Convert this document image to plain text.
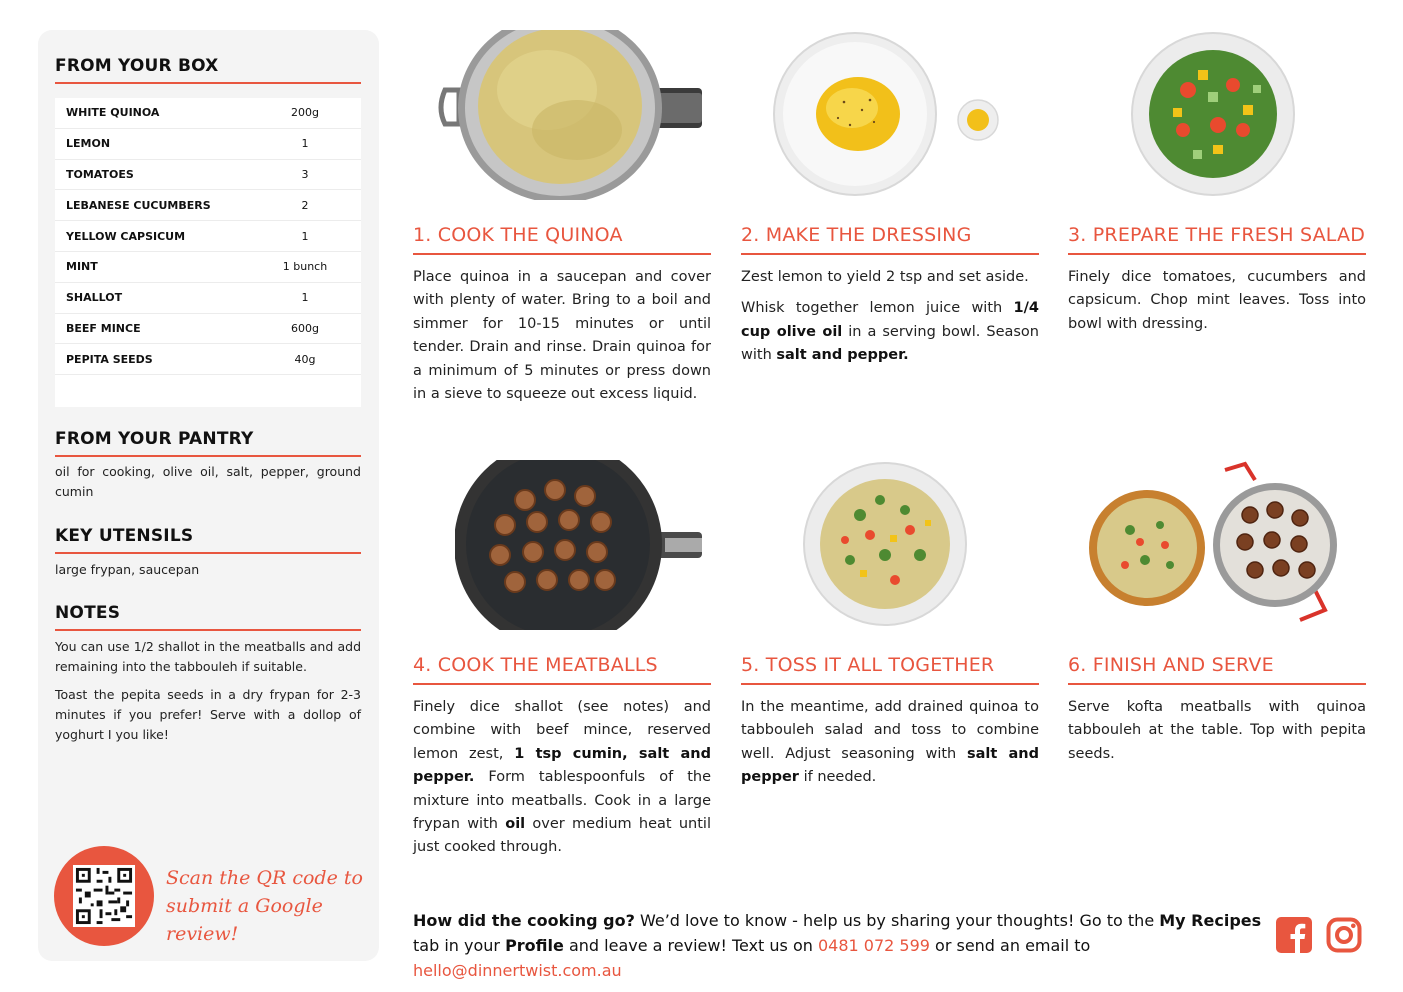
FROM YOUR BOX
WHITE QUINOA	200g
LEMON	1
TOMATOES	3
LEBANESE CUCUMBERS	2
YELLOW CAPSICUM	1
MINT	1 bunch
SHALLOT	1
BEEF MINCE	600g
PEPITA SEEDS	40g
FROM YOUR PANTRY
oil for cooking, olive oil, salt, pepper, ground cumin
KEY UTENSILS
large frypan, saucepan
NOTES
You can use 1/2 shallot in the meatballs and add remaining into the tabbouleh if suitable.
Toast the pepita seeds in a dry frypan for 2-3 minutes if you prefer! Serve with a dollop of yoghurt I you like!
Scan the QR code to
submit a Google review!
1. COOK THE QUINOA

Place quinoa in a saucepan and cover with plenty of water. Bring to a boil and simmer for 10-15 minutes or until tender. Drain and rinse. Drain quinoa for a minimum of 5 minutes or press down in a sieve to squeeze out excess liquid.

2. MAKE THE DRESSING

Zest lemon to yield 2 tsp and set aside.

Whisk together lemon juice with 1/4 cup olive oil in a serving bowl. Season with salt and pepper.

3. PREPARE THE FRESH SALAD

Finely dice tomatoes, cucumbers and capsicum. Chop mint leaves. Toss into bowl with dressing.

4. COOK THE MEATBALLS

Finely dice shallot (see notes) and combine with beef mince, reserved lemon zest, 1 tsp cumin, salt and pepper. Form tablespoonfuls of the mixture into meatballs. Cook in a large frypan with oil over medium heat until just cooked through.

5. TOSS IT ALL TOGETHER

In the meantime, add drained quinoa to tabbouleh salad and toss to combine well. Adjust seasoning with salt and pepper if needed.

6. FINISH AND SERVE

Serve kofta meatballs with quinoa tabbouleh at the table. Top with pepita seeds.

How did the cooking go? We’d love to know - help us by sharing your thoughts! Go to the My Recipes tab in your Profile and leave a review! Text us on 0481 072 599 or send an email to hello@dinnertwist.com.au
